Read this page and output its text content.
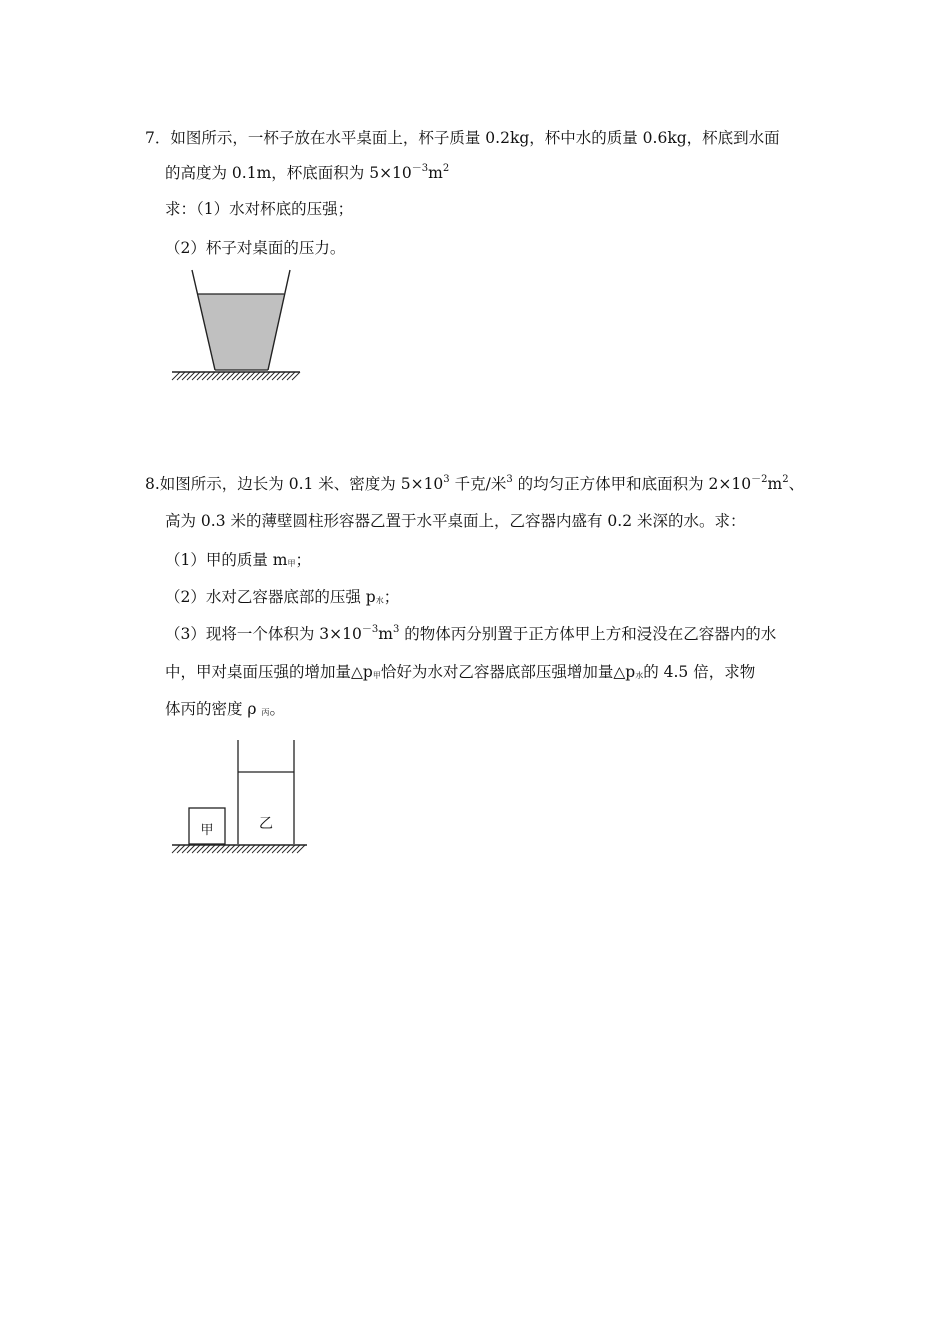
7．如图所示，一杯子放在水平桌面上，杯子质量 0.2kg，杯中水的质量 0.6kg，杯底到水面
的高度为 0.1m，杯底面积为 $5\times 10^{-3}m^2$
求：（1）水对杯底的压强；
（2）杯子对桌面的压力。
8.如图所示，边长为 0.1 米、密度为 $5\times 10^3$ 千克/米$^3$ 的均匀正方体甲和底面积为 $2\times 10^{-2}m^2$、
高为 0.3 米的薄壁圆柱形容器乙置于水平桌面上，乙容器内盛有 0.2 米深的水。求：
（1）甲的质量 m甲；
（2）水对乙容器底部的压强 p水；
（3）现将一个体积为 $3\times 10^{-3}m^3$ 的物体丙分别置于正方体甲上方和浸没在乙容器内的水
中，甲对桌面压强的增加量△p甲恰好为水对乙容器底部压强增加量△p水的 4.5 倍，求物
体丙的密度 ρ 丙。
甲	乙
